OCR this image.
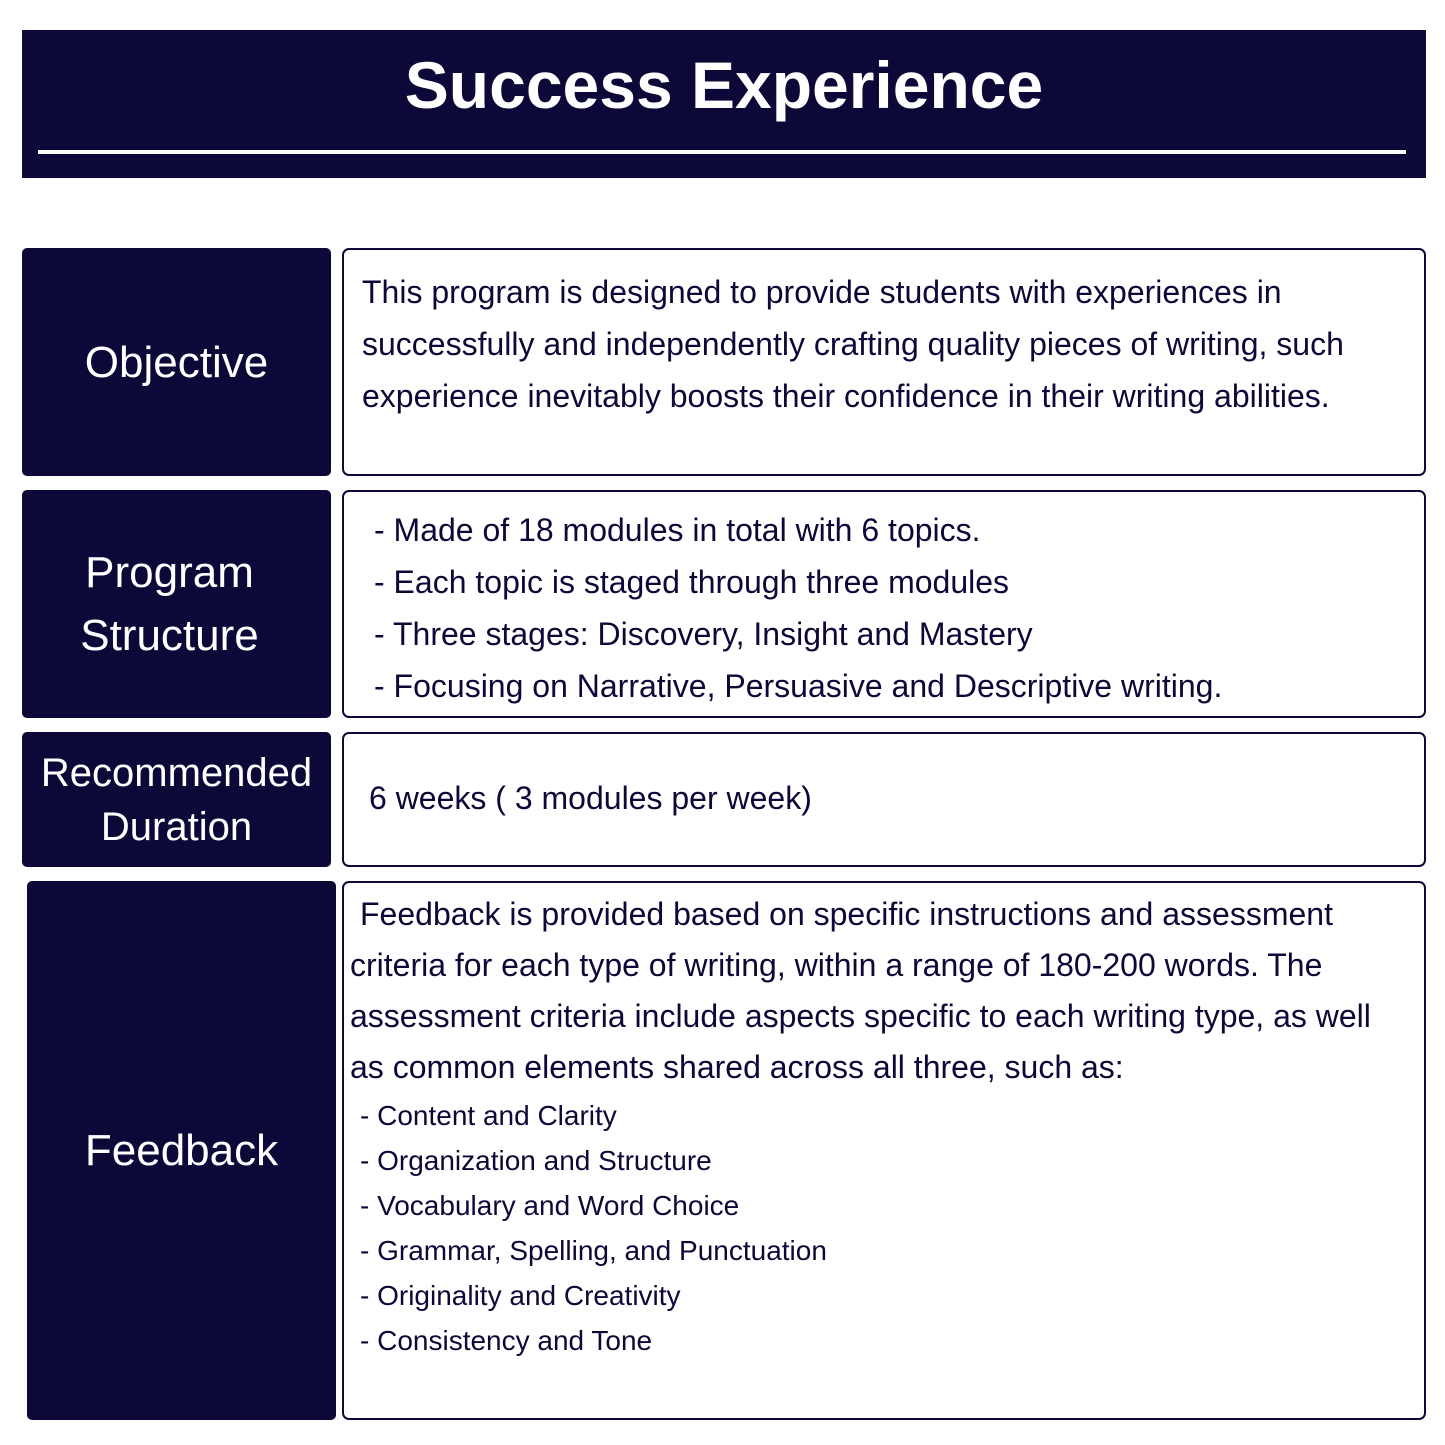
Success Experience
Objective

This program is designed to provide students with experiences in successfully and independently crafting quality pieces of writing, such experience inevitably boosts their confidence in their writing abilities.

Program
Structure
- Made of 18 modules in total with 6 topics.
- Each topic is staged through three modules
- Three stages: Discovery, Insight and Mastery
- Focusing on Narrative, Persuasive and Descriptive writing.
Recommended
Duration

6 weeks ( 3 modules per week)

Feedback

Feedback is provided based on specific instructions and assessment criteria for each type of writing, within a range of 180-200 words. The assessment criteria include aspects specific to each writing type, as well as common elements shared across all three, such as:

- Content and Clarity
- Organization and Structure
- Vocabulary and Word Choice
- Grammar, Spelling, and Punctuation
- Originality and Creativity
- Consistency and Tone
